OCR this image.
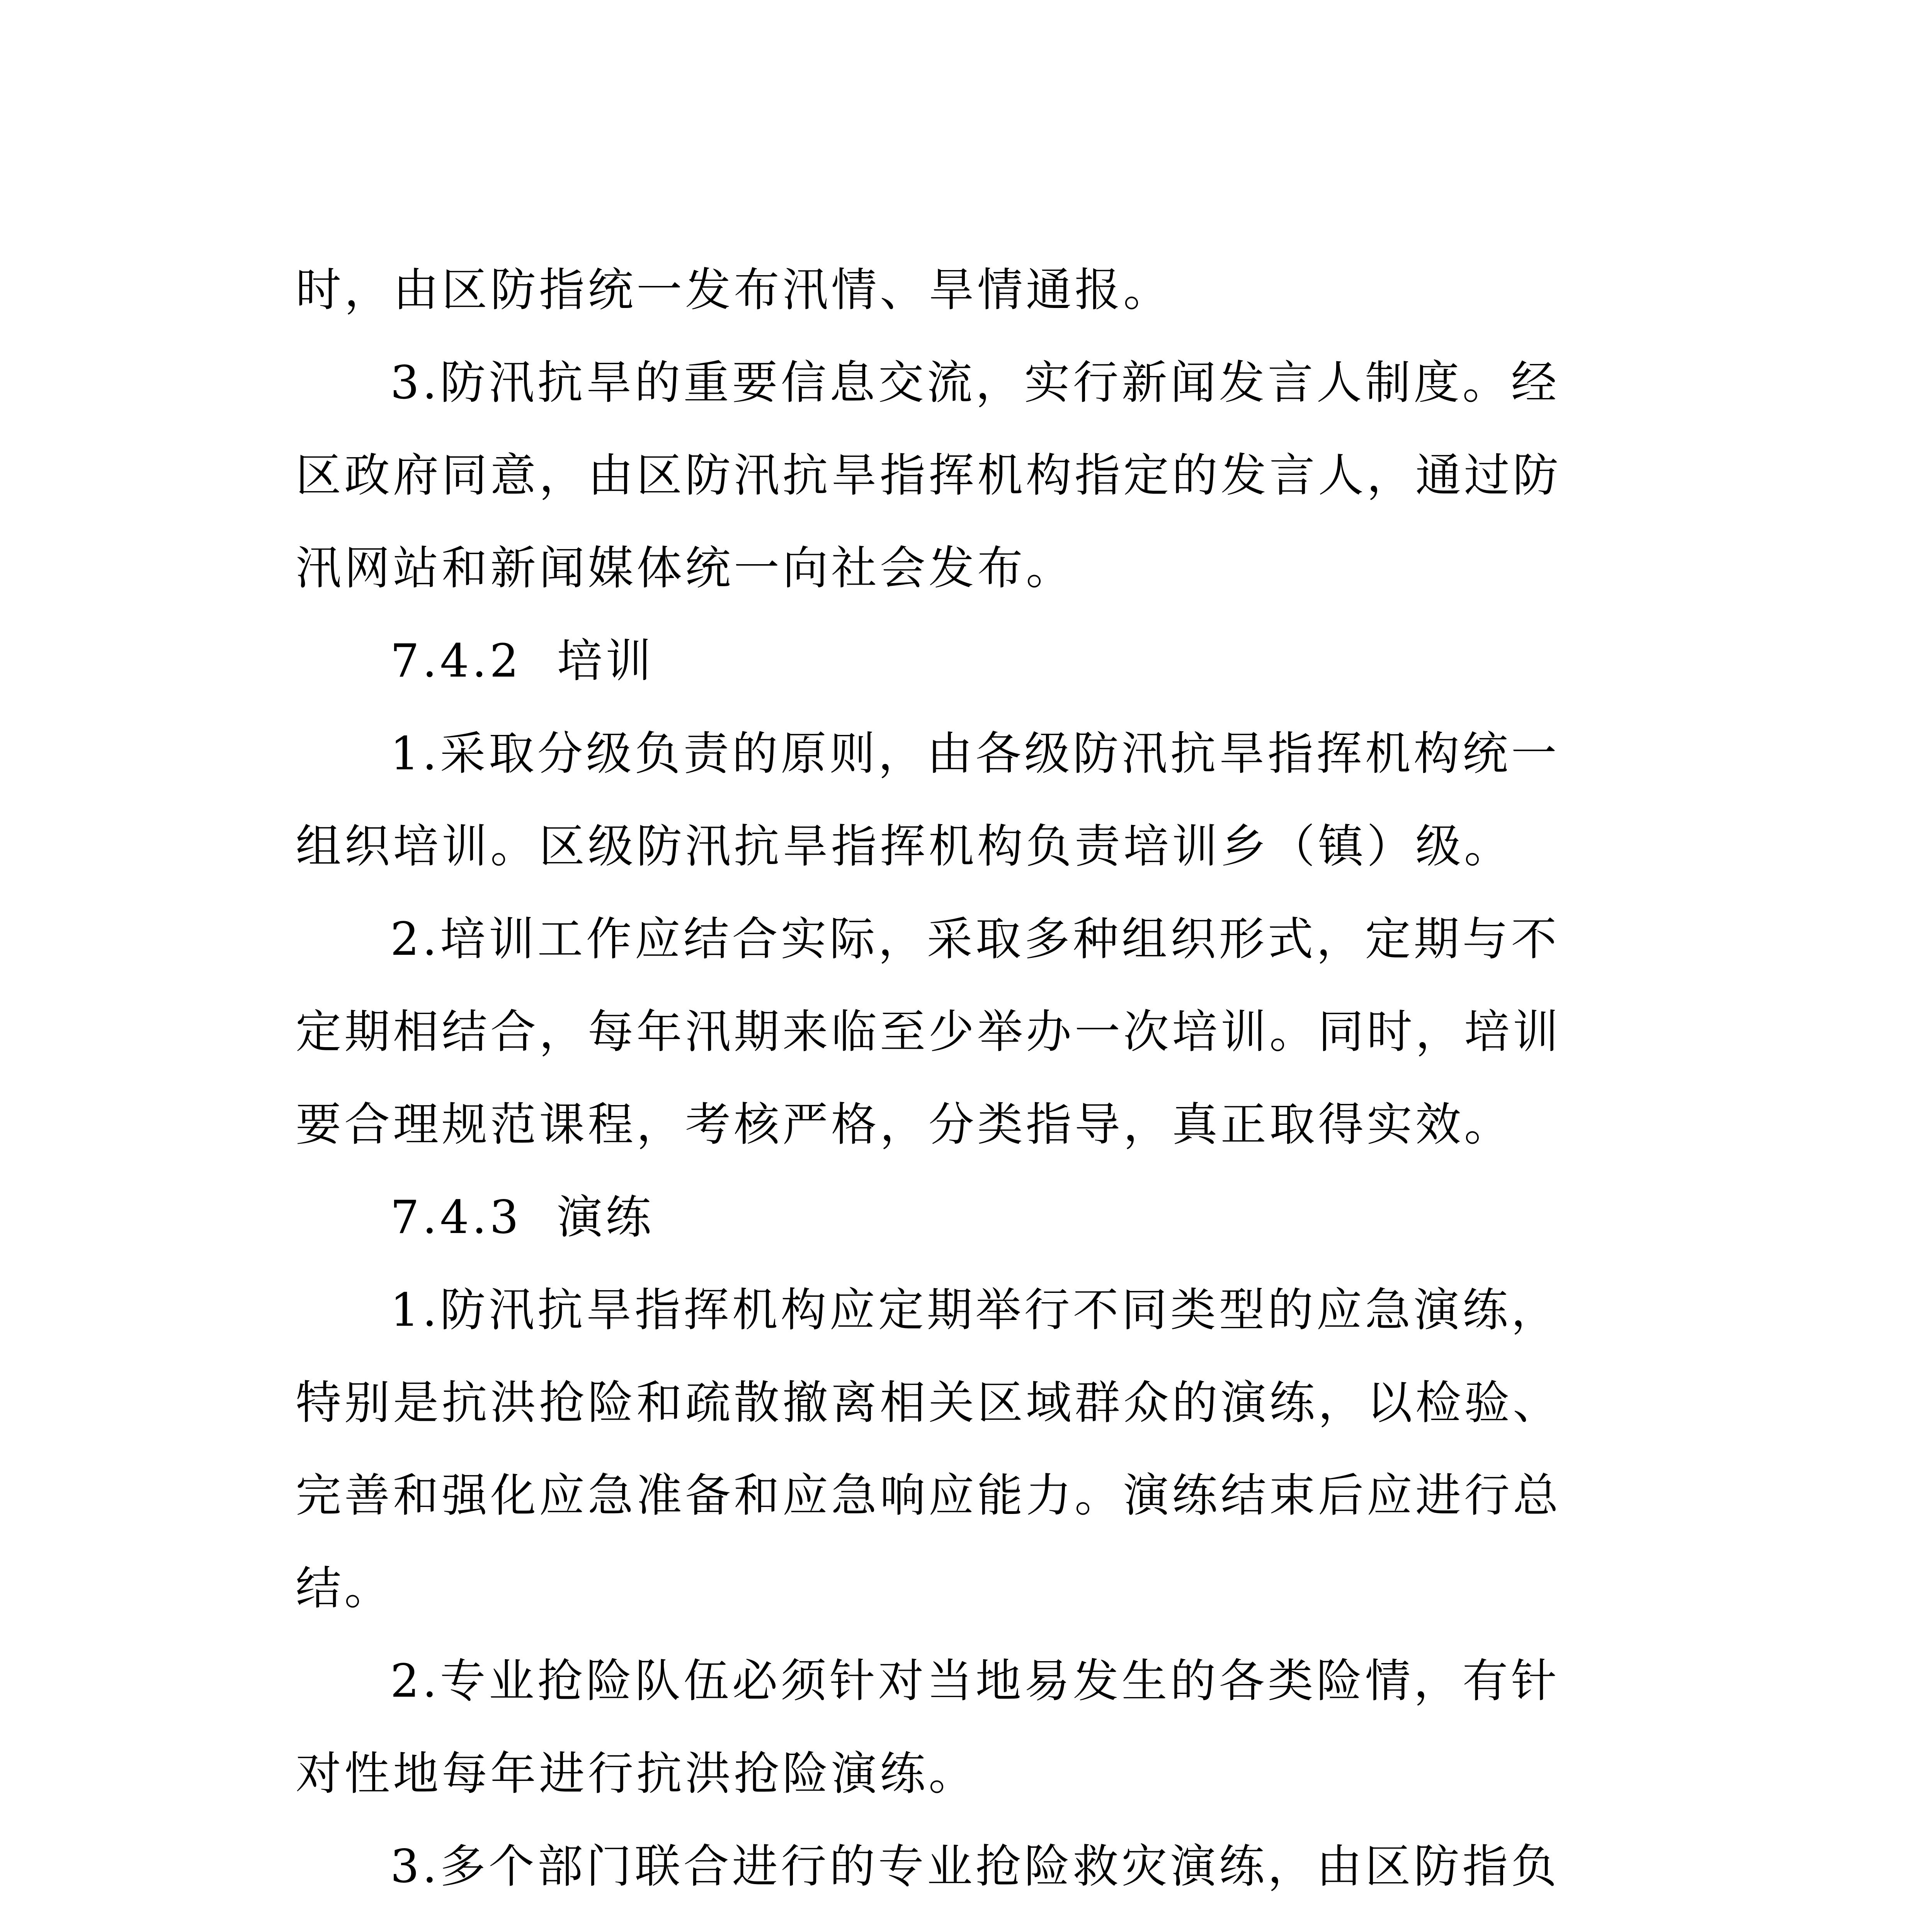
时，由区防指统一发布汛情、旱情通报。
3.防汛抗旱的重要信息交流，实行新闻发言人制度。经
区政府同意，由区防汛抗旱指挥机构指定的发言人，通过防
汛网站和新闻媒体统一向社会发布。
7.4.2  培训
1.采取分级负责的原则，由各级防汛抗旱指挥机构统一
组织培训。区级防汛抗旱指挥机构负责培训乡（镇）级。
2.培训工作应结合实际，采取多种组织形式，定期与不
定期相结合，每年汛期来临至少举办一次培训。同时，培训
要合理规范课程，考核严格，分类指导，真正取得实效。
7.4.3  演练
1.防汛抗旱指挥机构应定期举行不同类型的应急演练，
特别是抗洪抢险和疏散撤离相关区域群众的演练，以检验、
完善和强化应急准备和应急响应能力。演练结束后应进行总
结。
2.专业抢险队伍必须针对当地易发生的各类险情，有针
对性地每年进行抗洪抢险演练。
3.多个部门联合进行的专业抢险救灾演练，由区防指负
